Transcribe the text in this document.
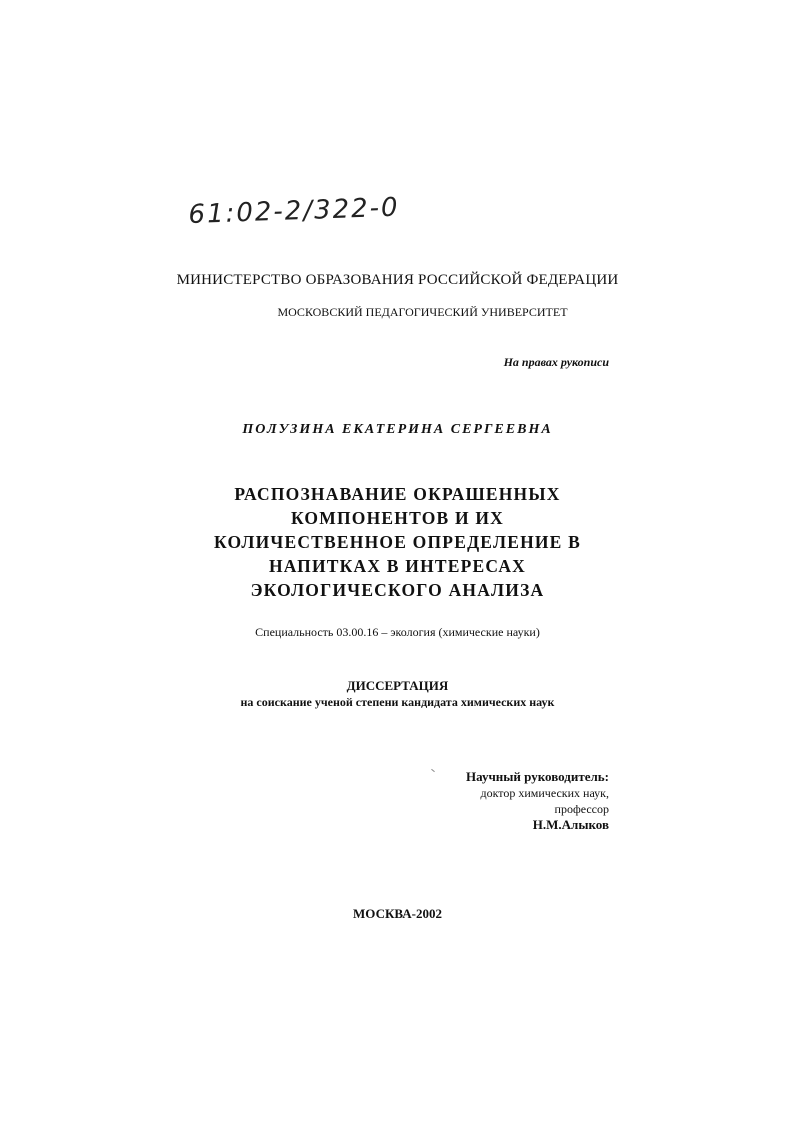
61:02-2/322-0
МИНИСТЕРСТВО ОБРАЗОВАНИЯ РОССИЙСКОЙ ФЕДЕРАЦИИ
МОСКОВСКИЙ ПЕДАГОГИЧЕСКИЙ УНИВЕРСИТЕТ
На правах рукописи
ПОЛУЗИНА ЕКАТЕРИНА СЕРГЕЕВНА
РАСПОЗНАВАНИЕ ОКРАШЕННЫХ
КОМПОНЕНТОВ И ИХ
КОЛИЧЕСТВЕННОЕ ОПРЕДЕЛЕНИЕ В
НАПИТКАХ В ИНТЕРЕСАХ
ЭКОЛОГИЧЕСКОГО АНАЛИЗА
Специальность 03.00.16 – экология (химические науки)
ДИССЕРТАЦИЯ
на соискание ученой степени кандидата химических наук
Научный руководитель:
доктор химических наук,
профессор
Н.М.Алыков
МОСКВА-2002
